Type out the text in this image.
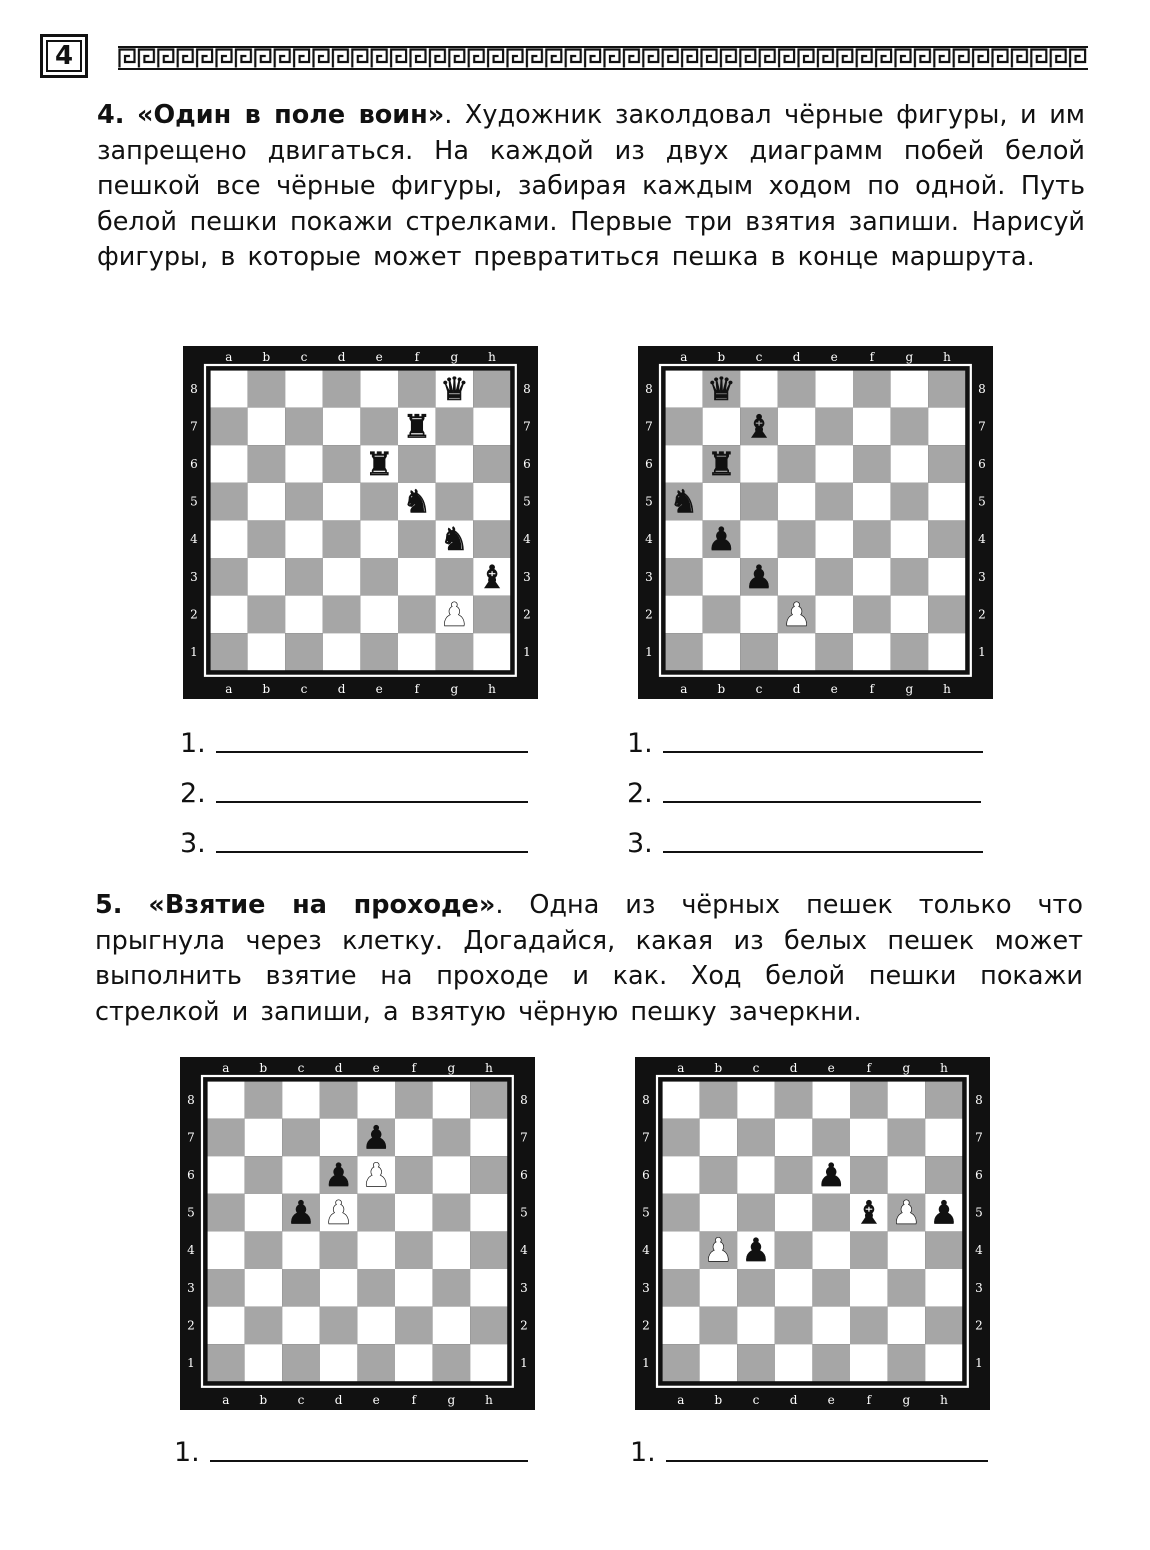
4
4. «Один в поле воин». Художник заколдовал чёрные фигуры, и им запрещено двигаться. На каждой из двух диаграмм побей белой пешкой все чёрные фигуры, забирая каждым ходом по одной. Путь белой пешки покажи стрелками. Первые три взятия запиши. Нарисуй фигуры, в которые может превратиться пешка в конце маршрута.
a
a
b
b
c
c
d
d
e
e
f
f
g
g
h
h
8	8
7	7
6	6
5	5
4	4
3	3
2	2
1	1
♛
♜
♜
♞
♞
♝
♟
a
a
b
b
c
c
d
d
e
e
f
f
g
g
h
h
8	8
7	7
6	6
5	5
4	4
3	3
2	2
1	1
♛
♝
♜
♞
♟
♟
♟
1.
2.
3.
1.
2.
3.
5. «Взятие на проходе». Одна из чёрных пешек только что прыгнула через клетку. Догадайся, какая из белых пешек может выполнить взятие на проходе и как. Ход белой пешки покажи стрелкой и запиши, а взятую чёрную пешку зачеркни.
a
a
b
b
c
c
d
d
e
e
f
f
g
g
h
h
8	8
7	7
6	6
5	5
4	4
3	3
2	2
1	1
♟
♟ ♟
♟ ♟
a
a
b
b
c
c
d
d
e
e
f
f
g
g
h
h
8	8
7	7
6	6
5	5
4	4
3	3
2	2
1	1
♟
♝ ♟ ♟
♟ ♟
1.	1.
